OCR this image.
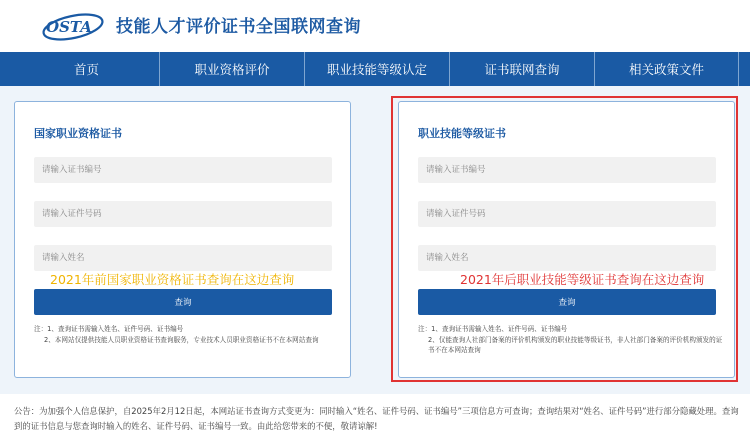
OSTA 技能人才评价证书全国联网查询
首页	职业资格评价	职业技能等级认定	证书联网查询	相关政策文件
国家职业资格证书
请输入证书编号
请输入证件号码
请输入姓名
查询
注：1、查询证书需输入姓名、证件号码、证书编号
2、本网站仅提供技能人员职业资格证书查询服务，专业技术人员职业资格证书不在本网站查询
职业技能等级证书
请输入证书编号
请输入证件号码
请输入姓名
查询
注：1、查询证书需输入姓名、证件号码、证书编号
2、仅能查询人社部门备案的评价机构颁发的职业技能等级证书，非人社部门备案的评价机构颁发的证书不在本网站查询
2021年前国家职业资格证书查询在这边查询	2021年后职业技能等级证书查询在这边查询
公告：为加强个人信息保护，自2025年2月12日起，本网站证书查询方式变更为：同时输入“姓名、证件号码、证书编号”三项信息方可查询；查询结果对“姓名、证件号码”进行部分隐藏处理。查询到的证书信息与您查询时输入的姓名、证件号码、证书编号一致。由此给您带来的不便，敬请谅解!
